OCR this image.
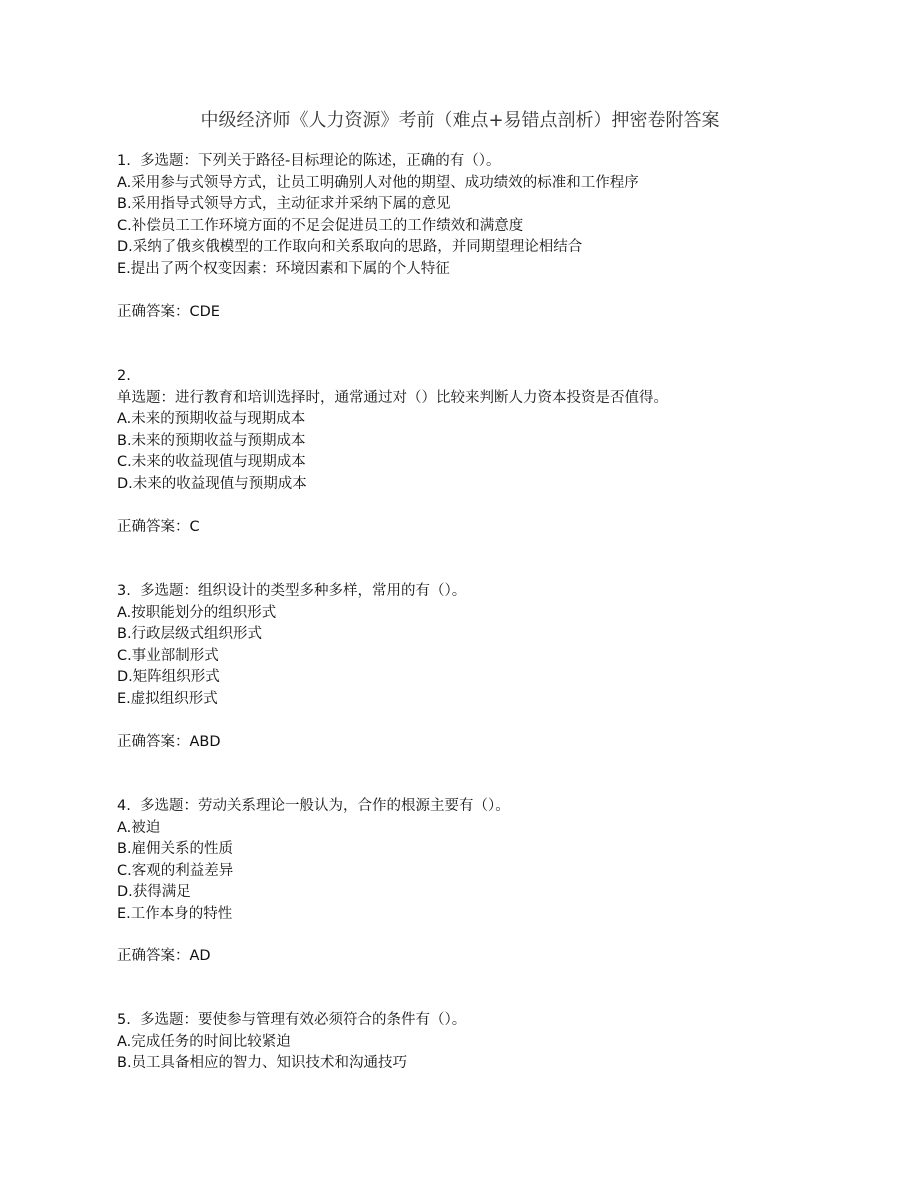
中级经济师《人力资源》考前（难点+易错点剖析）押密卷附答案
1. 多选题：下列关于路径-目标理论的陈述，正确的有（）。
A.采用参与式领导方式，让员工明确别人对他的期望、成功绩效的标准和工作程序
B.采用指导式领导方式，主动征求并采纳下属的意见
C.补偿员工工作环境方面的不足会促进员工的工作绩效和满意度
D.采纳了俄亥俄模型的工作取向和关系取向的思路，并同期望理论相结合
E.提出了两个权变因素：环境因素和下属的个人特征
正确答案：CDE
2.
单选题：进行教育和培训选择时，通常通过对（）比较来判断人力资本投资是否值得。
A.未来的预期收益与现期成本
B.未来的预期收益与预期成本
C.未来的收益现值与现期成本
D.未来的收益现值与预期成本
正确答案：C
3. 多选题：组织设计的类型多种多样，常用的有（）。
A.按职能划分的组织形式
B.行政层级式组织形式
C.事业部制形式
D.矩阵组织形式
E.虚拟组织形式
正确答案：ABD
4. 多选题：劳动关系理论一般认为，合作的根源主要有（）。
A.被迫
B.雇佣关系的性质
C.客观的利益差异
D.获得满足
E.工作本身的特性
正确答案：AD
5. 多选题：要使参与管理有效必须符合的条件有（）。
A.完成任务的时间比较紧迫
B.员工具备相应的智力、知识技术和沟通技巧
